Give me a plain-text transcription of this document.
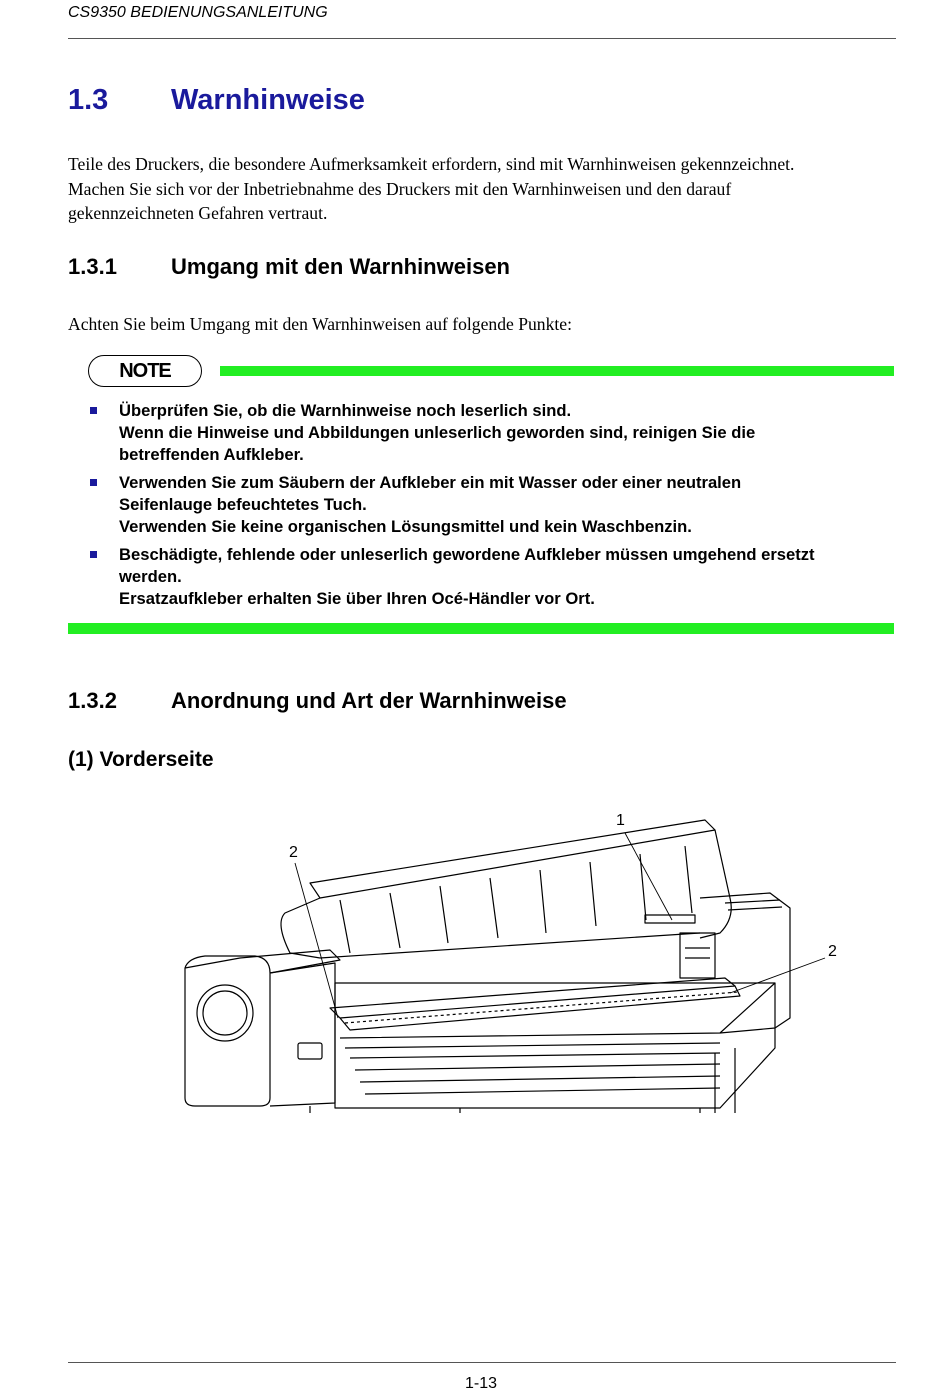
CS9350 BEDIENUNGSANLEITUNG
1.3 Warnhinweise
Teile des Druckers, die besondere Aufmerksamkeit erfordern, sind mit Warnhinweisen gekennzeichnet.
Machen Sie sich vor der Inbetriebnahme des Druckers mit den Warnhinweisen und den darauf
gekennzeichneten Gefahren vertraut.
1.3.1 Umgang mit den Warnhinweisen
Achten Sie beim Umgang mit den Warnhinweisen auf folgende Punkte:
NOTE
Überprüfen Sie, ob die Warnhinweise noch leserlich sind.
Wenn die Hinweise und Abbildungen unleserlich geworden sind, reinigen Sie die
betreffenden Aufkleber.
Verwenden Sie zum Säubern der Aufkleber ein mit Wasser oder einer neutralen
Seifenlauge befeuchtetes Tuch.
Verwenden Sie keine organischen Lösungsmittel und kein Waschbenzin.
Beschädigte, fehlende oder unleserlich gewordene Aufkleber müssen umgehend ersetzt
werden.
Ersatzaufkleber erhalten Sie über Ihren Océ-Händler vor Ort.
1.3.2 Anordnung und Art der Warnhinweise
(1) Vorderseite
1
2
2
1-13
